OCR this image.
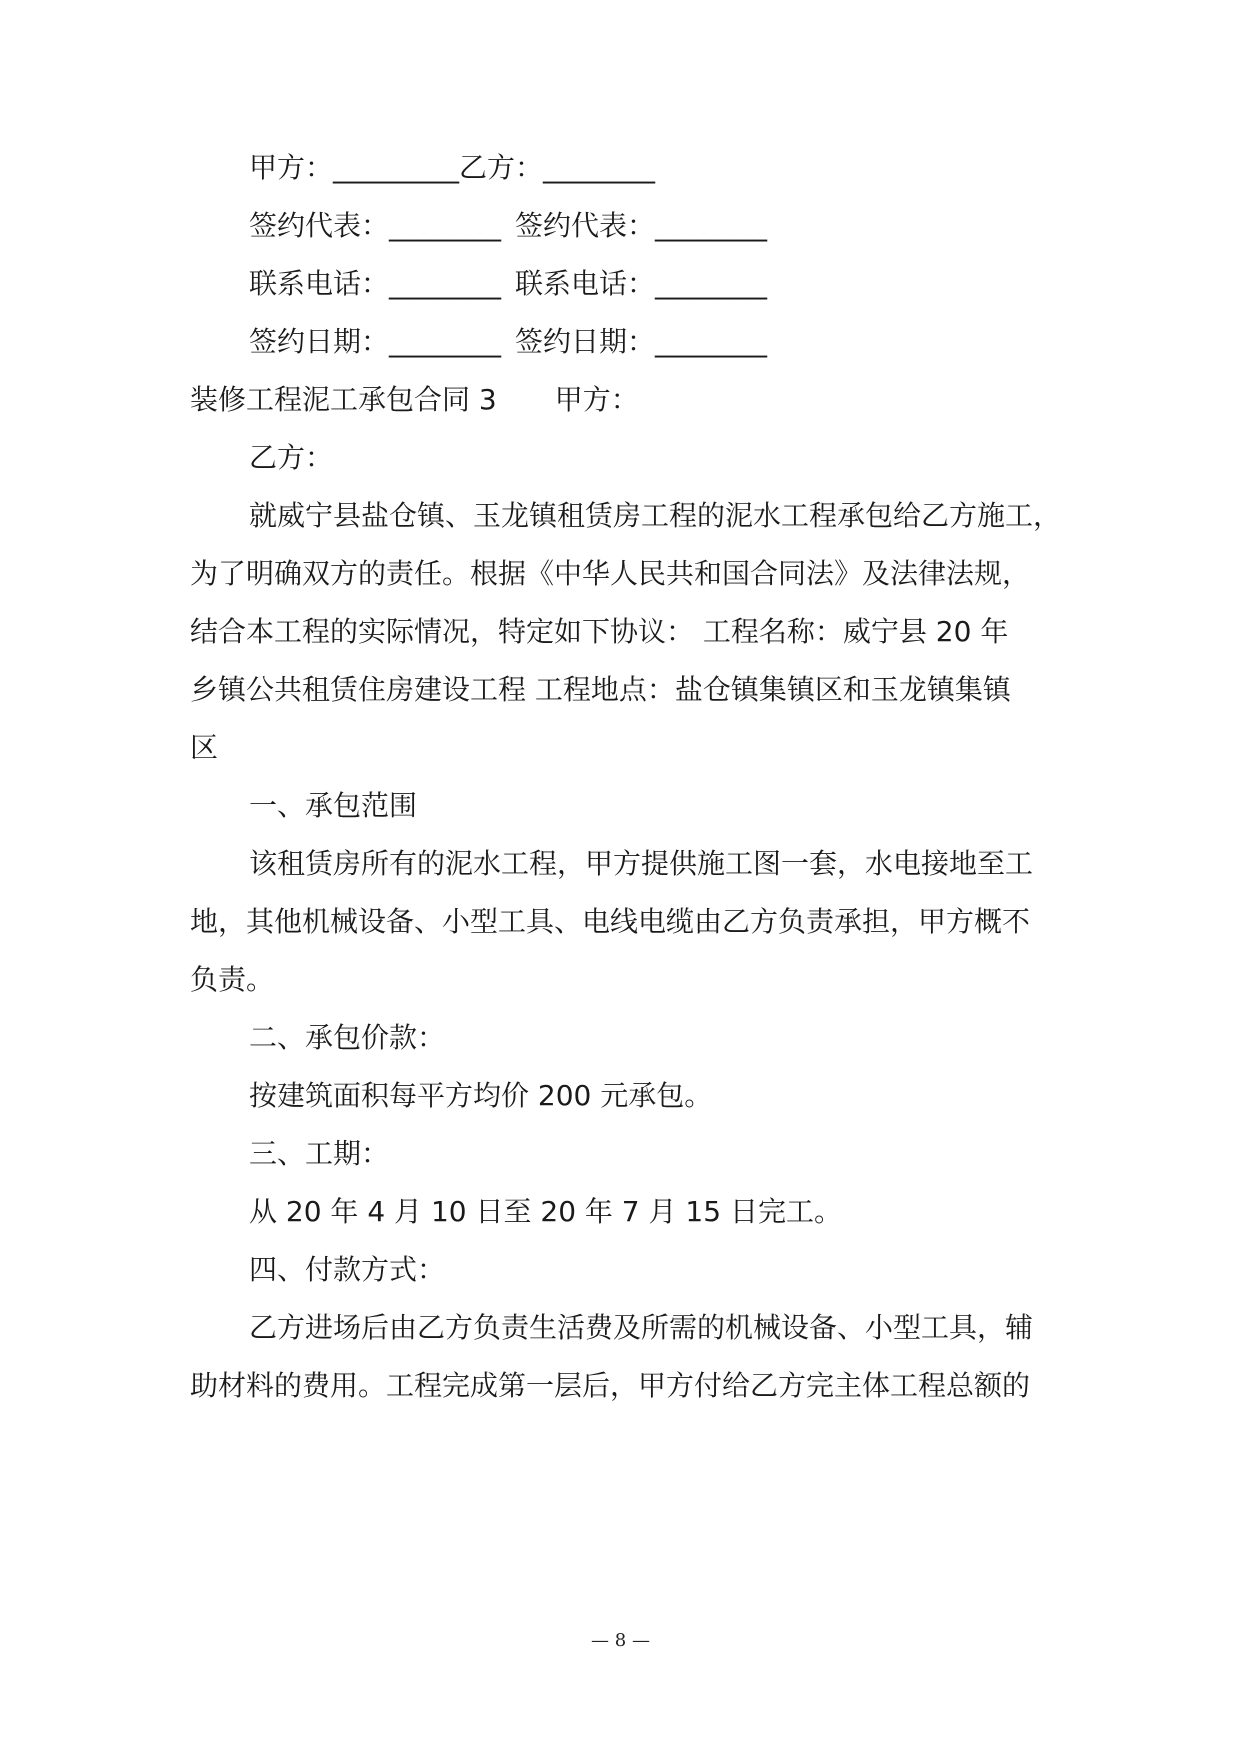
甲方：_________乙方：________
签约代表：________ 签约代表：________
联系电话：________ 联系电话：________
签约日期：________ 签约日期：________
装修工程泥工承包合同 3 甲方：
乙方：
就威宁县盐仓镇、玉龙镇租赁房工程的泥水工程承包给乙方施工，
为了明确双方的责任。根据《中华人民共和国合同法》及法律法规，
结合本工程的实际情况，特定如下协议： 工程名称：威宁县 20 年
乡镇公共租赁住房建设工程 工程地点：盐仓镇集镇区和玉龙镇集镇
区
一、承包范围
该租赁房所有的泥水工程，甲方提供施工图一套，水电接地至工
地，其他机械设备、小型工具、电线电缆由乙方负责承担，甲方概不
负责。
二、承包价款：
按建筑面积每平方均价 200 元承包。
三、工期：
从 20 年 4 月 10 日至 20 年 7 月 15 日完工。
四、付款方式：
乙方进场后由乙方负责生活费及所需的机械设备、小型工具，辅
助材料的费用。工程完成第一层后，甲方付给乙方完主体工程总额的
— 8 —
